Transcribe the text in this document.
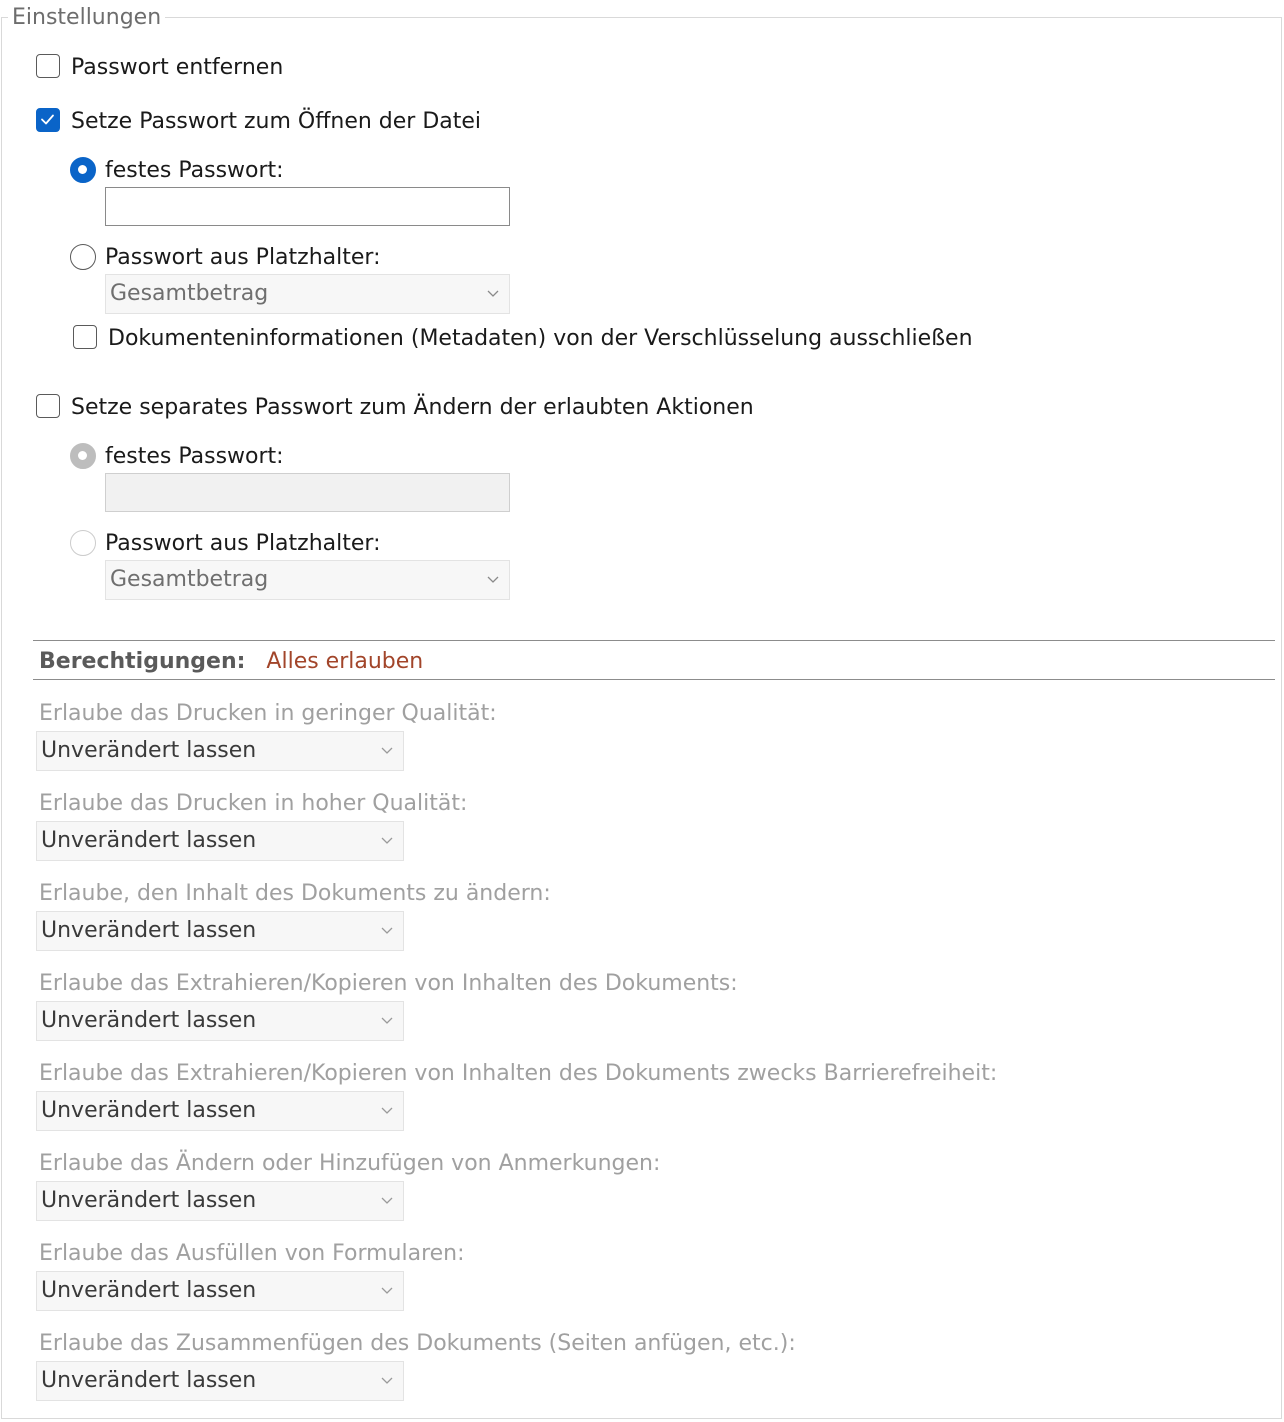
Einstellungen
Passwort entfernen
Setze Passwort zum Öffnen der Datei
festes Passwort:
Passwort aus Platzhalter:
Gesamtbetrag
Dokumenteninformationen (Metadaten) von der Verschlüsselung ausschließen
Setze separates Passwort zum Ändern der erlaubten Aktionen
festes Passwort:
Passwort aus Platzhalter:
Gesamtbetrag
Berechtigungen: Alles erlauben
Erlaube das Drucken in geringer Qualität:
Unverändert lassen
Erlaube das Drucken in hoher Qualität:
Unverändert lassen
Erlaube, den Inhalt des Dokuments zu ändern:
Unverändert lassen
Erlaube das Extrahieren/Kopieren von Inhalten des Dokuments:
Unverändert lassen
Erlaube das Extrahieren/Kopieren von Inhalten des Dokuments zwecks Barrierefreiheit:
Unverändert lassen
Erlaube das Ändern oder Hinzufügen von Anmerkungen:
Unverändert lassen
Erlaube das Ausfüllen von Formularen:
Unverändert lassen
Erlaube das Zusammenfügen des Dokuments (Seiten anfügen, etc.):
Unverändert lassen
